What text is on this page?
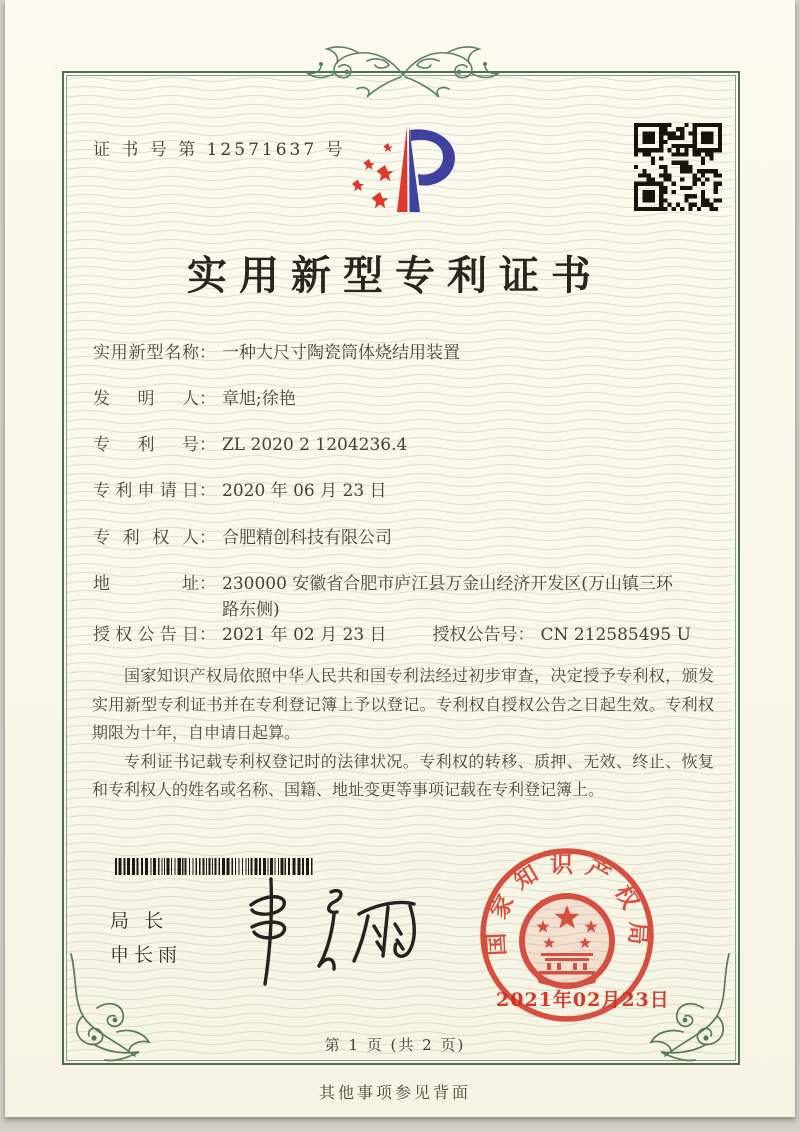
证 书 号 第 12571637 号
实用新型专利证书
实用新型名称： 一种大尺寸陶瓷筒体烧结用装置
发明人： 章旭;徐艳
专利号： ZL 2020 2 1204236.4
专利申请日： 2020 年 06 月 23 日
专利权人： 合肥精创科技有限公司
地址： 230000 安徽省合肥市庐江县万金山经济开发区(万山镇三环路东侧)
授权公告日： 2021 年 02 月 23 日	授权公告号： CN 212585495 U

国家知识产权局依照中华人民共和国专利法经过初步审查，决定授予专利权，颁发实用新型专利证书并在专利登记簿上予以登记。专利权自授权公告之日起生效。专利权期限为十年，自申请日起算。

专利证书记载专利权登记时的法律状况。专利权的转移、质押、无效、终止、恢复和专利权人的姓名或名称、国籍、地址变更等事项记载在专利登记簿上。

局 长
申长雨	国家知识产权局
2021年02月23日
第 1 页 (共 2 页)
其他事项参见背面
